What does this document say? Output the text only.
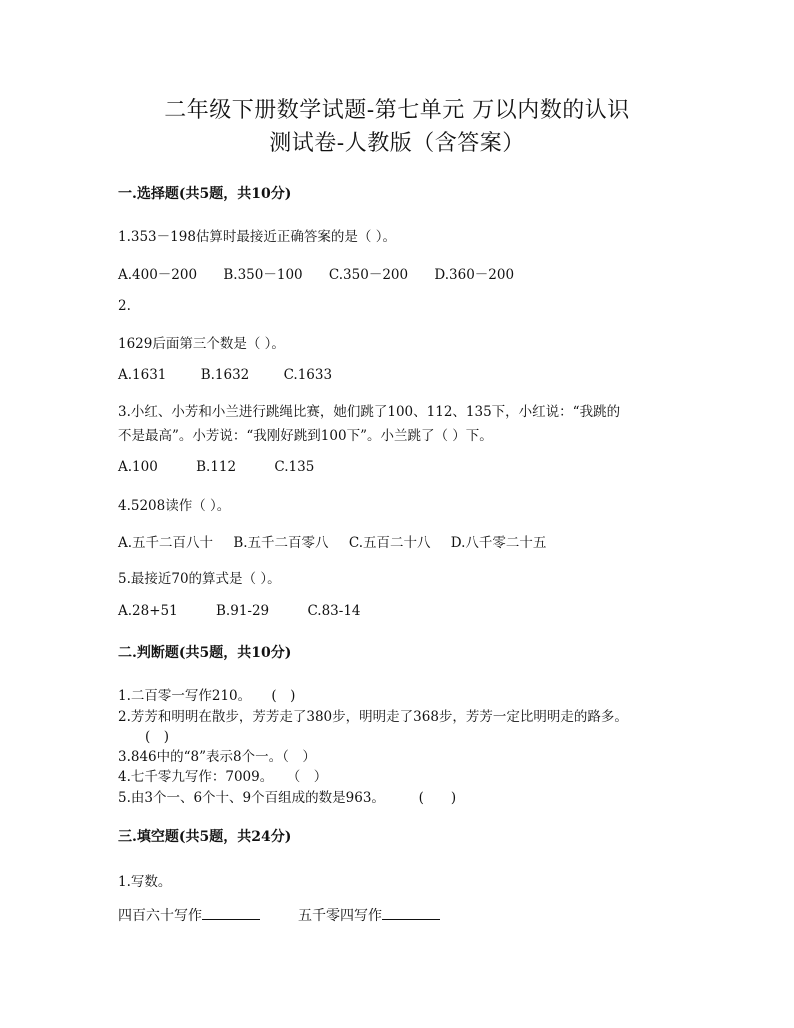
二年级下册数学试题-第七单元 万以内数的认识
测试卷-人教版（含答案）
一.选择题(共5题，共10分)
1.353－198估算时最接近正确答案的是（ ）。
A.400－200 B.350－100 C.350－200 D.360－200
2.
1629后面第三个数是（ ）。
A.1631	B.1632	C.1633
3.小红、小芳和小兰进行跳绳比赛，她们跳了100、112、135下，小红说：“我跳的
不是最高”。小芳说：“我刚好跳到100下”。小兰跳了（ ）下。
A.100	B.112	C.135
4.5208读作（ ）。
A.五千二百八十 B.五千二百零八 C.五百二十八 D.八千零二十五
5.最接近70的算式是（ ）。
A.28+51	B.91-29	C.83-14
二.判断题(共5题，共10分)
1.二百零一写作210。　　(　)
2.芳芳和明明在散步，芳芳走了380步，明明走了368步，芳芳一定比明明走的路多。
　　(　)
3.846中的“8”表示8个一。（　）
4.七千零九写作：7009。　　（　）
5.由3个一、6个十、9个百组成的数是963。　　　(　　)
三.填空题(共5题，共24分)
1.写数。
四百六十写作	五千零四写作
